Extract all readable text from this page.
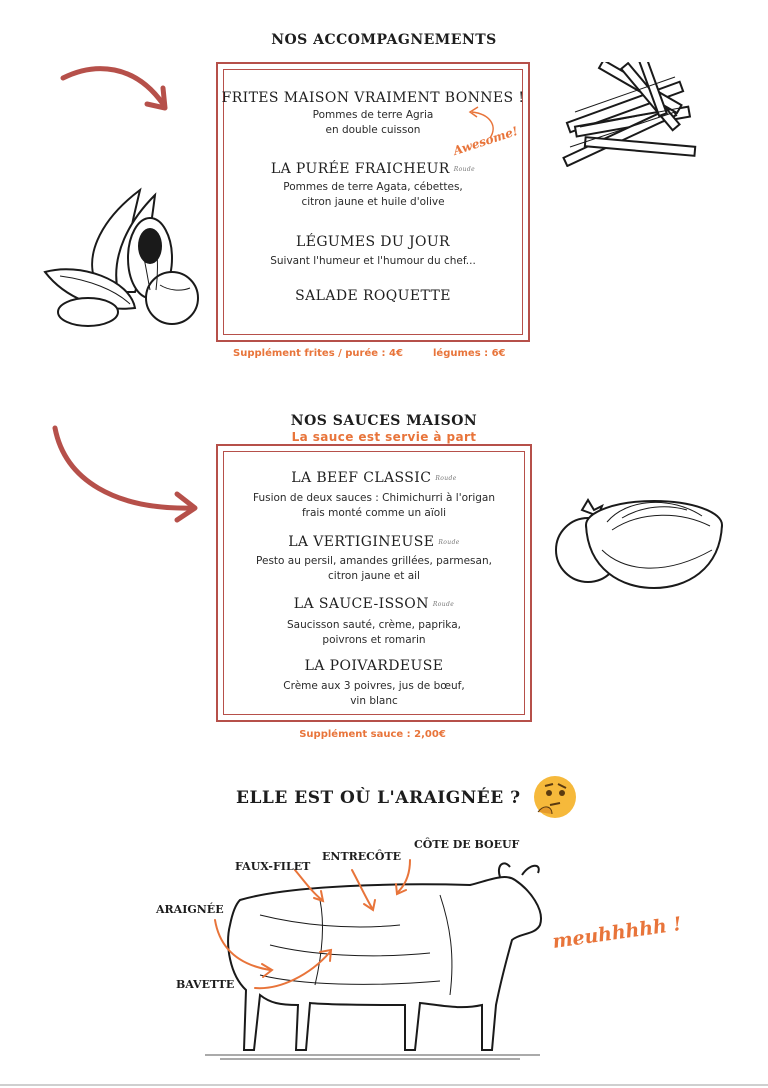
NOS ACCOMPAGNEMENTS
FRITES MAISON VRAIMENT BONNES !
Pommes de terre Agria
en double cuisson
LA PURÉE FRAICHEUR Roude
Pommes de terre Agata, cébettes,
citron jaune et huile d'olive
LÉGUMES DU JOUR
Suivant l'humeur et l'humour du chef...
SALADE ROQUETTE
Awesome!
Supplément frites / purée : 4€	légumes : 6€
NOS SAUCES MAISON
La sauce est servie à part
LA BEEF CLASSIC Roude
Fusion de deux sauces : Chimichurri à l'origan
frais monté comme un aïoli
LA VERTIGINEUSE Roude
Pesto au persil, amandes grillées, parmesan,
citron jaune et ail
LA SAUCE-ISSON Roude
Saucisson sauté, crème, paprika,
poivrons et romarin
LA POIVARDEUSE
Crème aux 3 poivres, jus de bœuf,
vin blanc
Supplément sauce : 2,00€
ELLE EST OÙ L'ARAIGNÉE ?
FAUX-FILET
ENTRECÔTE
CÔTE DE BOEUF
ARAIGNÉE
BAVETTE
meuhhhhh !
